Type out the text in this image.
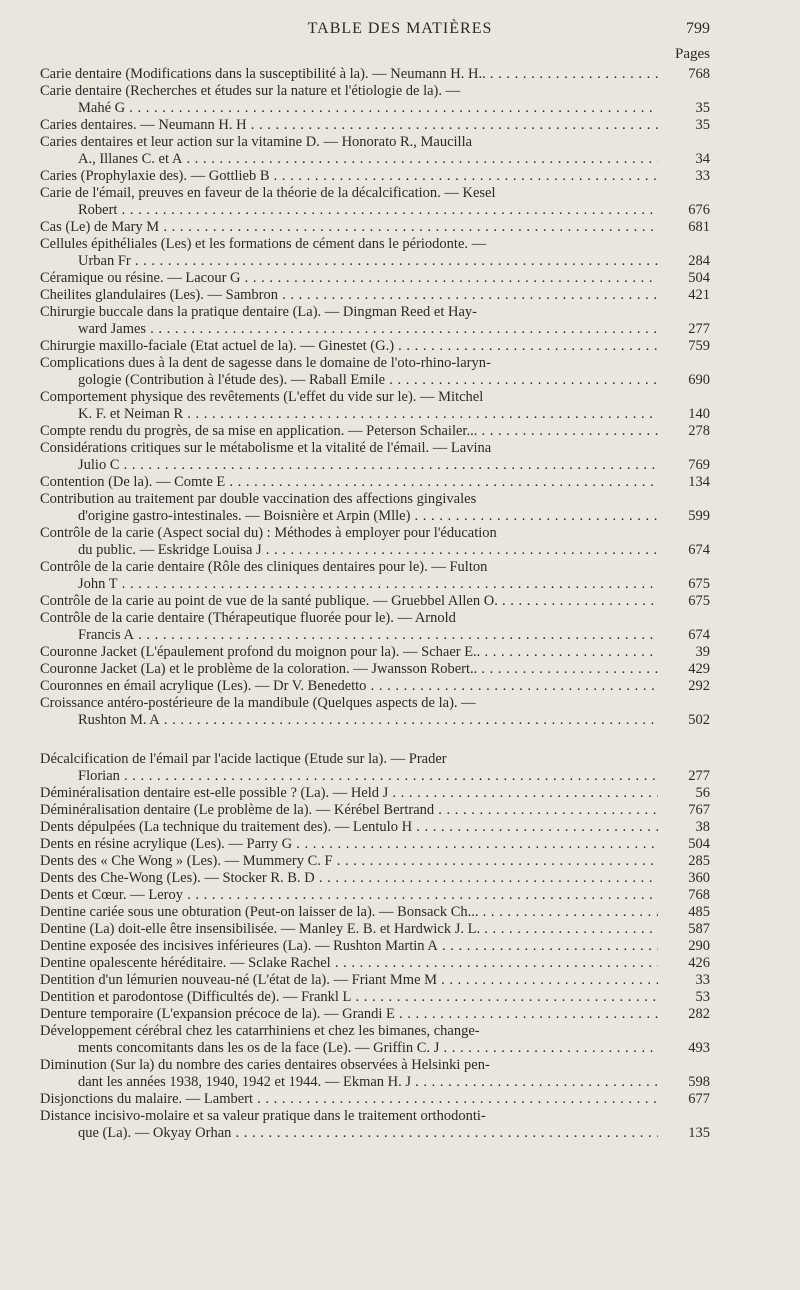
TABLE DES MATIÈRES	799
Pages
Carie dentaire (Modifications dans la susceptibilité à la). — Neumann H. H.. . . .	768
Carie dentaire (Recherches et études sur la nature et l'étiologie de la). —
Mahé G . . .	35
Caries dentaires. — Neumann H. H . . .	35
Caries dentaires et leur action sur la vitamine D. — Honorato R., Maucilla
A., Illanes C. et A . . .	34
Caries (Prophylaxie des). — Gottlieb B . . .	33
Carie de l'émail, preuves en faveur de la théorie de la décalcification. — Kesel
Robert . . .	676
Cas (Le) de Mary M . . .	681
Cellules épithéliales (Les) et les formations de cément dans le périodonte. —
Urban Fr . . .	284
Céramique ou résine. — Lacour G . . .	504
Cheilites glandulaires (Les). — Sambron . . .	421
Chirurgie buccale dans la pratique dentaire (La). — Dingman Reed et Hay-
ward James . . .	277
Chirurgie maxillo-faciale (Etat actuel de la). — Ginestet (G.) . . .	759
Complications dues à la dent de sagesse dans le domaine de l'oto-rhino-laryn-
gologie (Contribution à l'étude des). — Raball Emile . . .	690
Comportement physique des revêtements (L'effet du vide sur le). — Mitchel
K. F. et Neiman R . . .	140
Compte rendu du progrès, de sa mise en application. — Peterson Schailer... . . .	278
Considérations critiques sur le métabolisme et la vitalité de l'émail. — Lavina
Julio C . . .	769
Contention (De la). — Comte E . . .	134
Contribution au traitement par double vaccination des affections gingivales
d'origine gastro-intestinales. — Boisnière et Arpin (Mlle) . . .	599
Contrôle de la carie (Aspect social du) : Méthodes à employer pour l'éducation
du public. — Eskridge Louisa J . . .	674
Contrôle de la carie dentaire (Rôle des cliniques dentaires pour le). — Fulton
John T . . .	675
Contrôle de la carie au point de vue de la santé publique. — Gruebbel Allen O. . . .	675
Contrôle de la carie dentaire (Thérapeutique fluorée pour le). — Arnold
Francis A . . .	674
Couronne Jacket (L'épaulement profond du moignon pour la). — Schaer E.. . . .	39
Couronne Jacket (La) et le problème de la coloration. — Jwansson Robert.. . . .	429
Couronnes en émail acrylique (Les). — Dr V. Benedetto . . .	292
Croissance antéro-postérieure de la mandibule (Quelques aspects de la). —
Rushton M. A . . .	502
Décalcification de l'émail par l'acide lactique (Etude sur la). — Prader
Florian . . .	277
Déminéralisation dentaire est-elle possible ? (La). — Held J . . .	56
Déminéralisation dentaire (Le problème de la). — Kérébel Bertrand . . .	767
Dents dépulpées (La technique du traitement des). — Lentulo H . . .	38
Dents en résine acrylique (Les). — Parry G . . .	504
Dents des « Che Wong » (Les). — Mummery C. F . . .	285
Dents des Che-Wong (Les). — Stocker R. B. D . . .	360
Dents et Cœur. — Leroy . . .	768
Dentine cariée sous une obturation (Peut-on laisser de la). — Bonsack Ch... . . .	485
Dentine (La) doit-elle être insensibilisée. — Manley E. B. et Hardwick J. L. . . .	587
Dentine exposée des incisives inférieures (La). — Rushton Martin A . . .	290
Dentine opalescente héréditaire. — Sclake Rachel . . .	426
Dentition d'un lémurien nouveau-né (L'état de la). — Friant Mme M . . .	33
Dentition et parodontose (Difficultés de). — Frankl L . . .	53
Denture temporaire (L'expansion précoce de la). — Grandi E . . .	282
Développement cérébral chez les catarrhiniens et chez les bimanes, change-
ments concomitants dans les os de la face (Le). — Griffin C. J . . .	493
Diminution (Sur la) du nombre des caries dentaires observées à Helsinki pen-
dant les années 1938, 1940, 1942 et 1944. — Ekman H. J . . .	598
Disjonctions du malaire. — Lambert . . .	677
Distance incisivo-molaire et sa valeur pratique dans le traitement orthodonti-
que (La). — Okyay Orhan . . .	135
